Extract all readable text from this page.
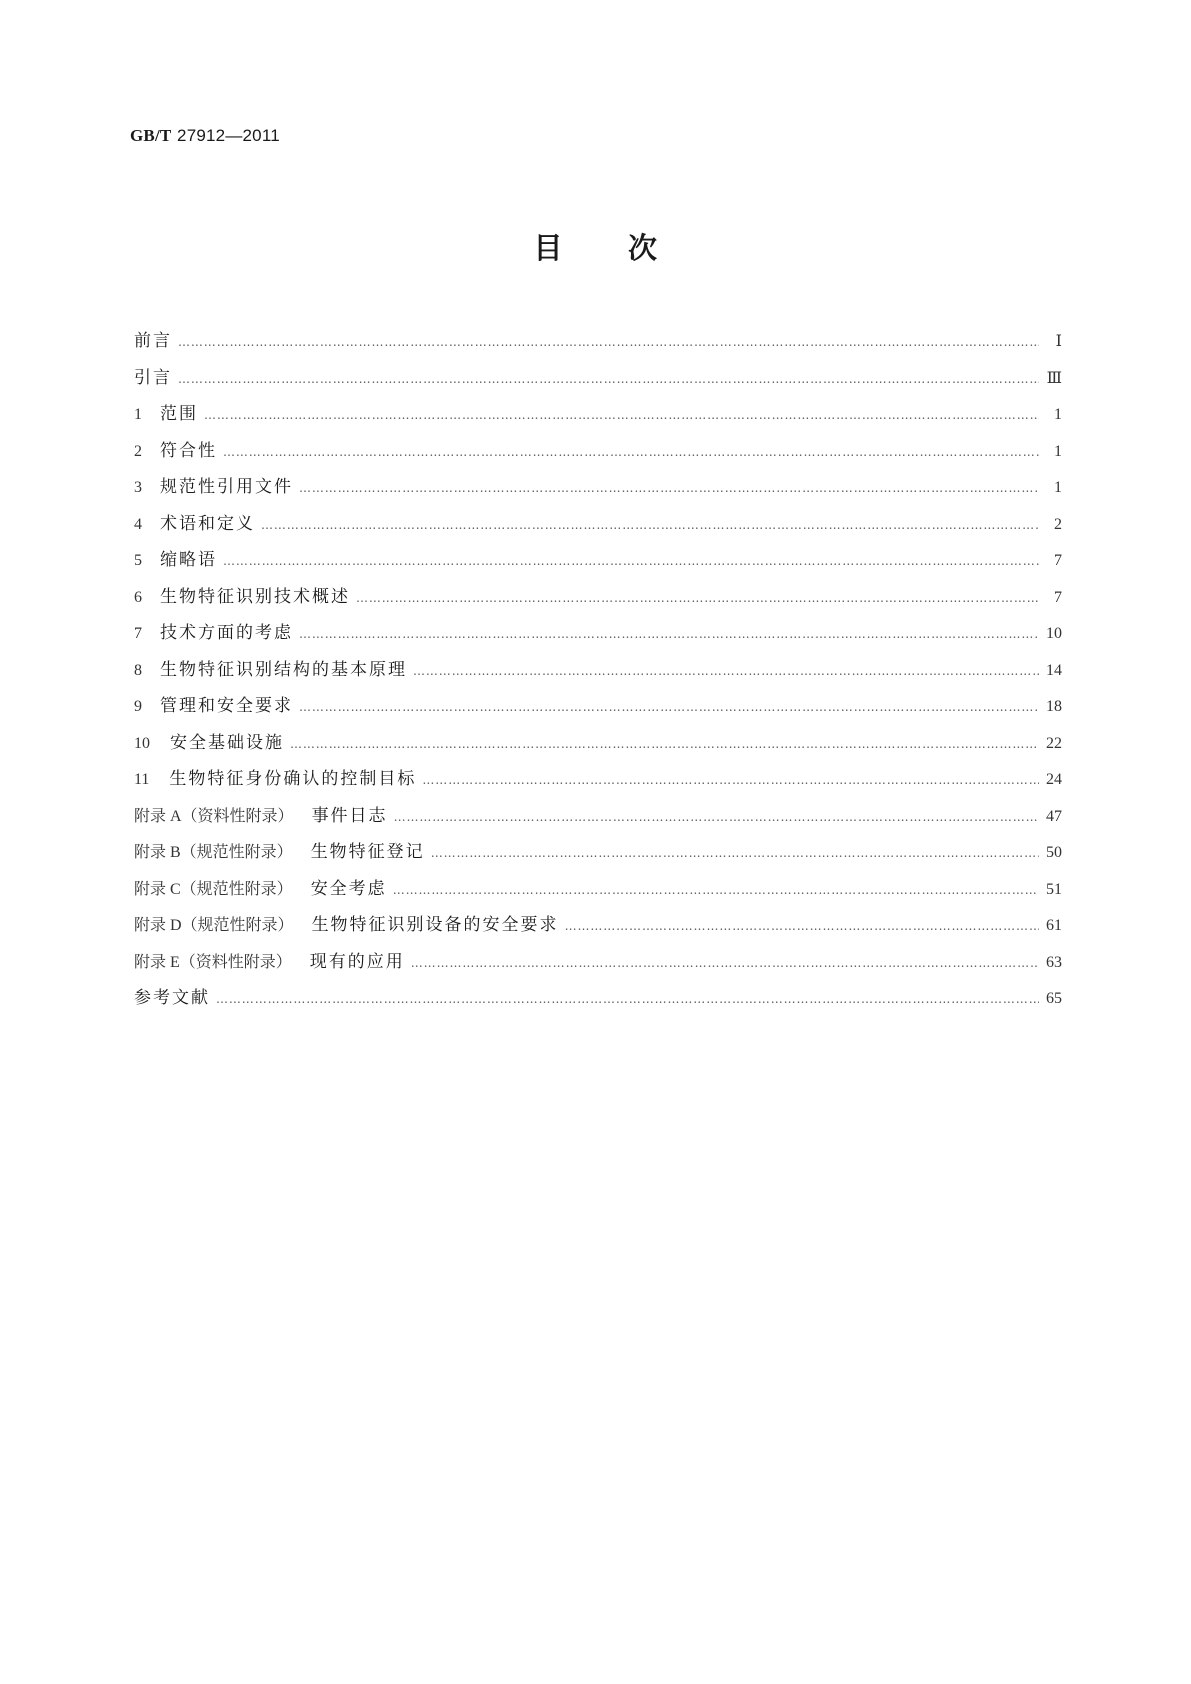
GB/T 27912—2011
目 次
前言 ……………………………………………………………………………………………………………………………………………………………………………………………………	Ⅰ
引言 ……………………………………………………………………………………………………………………………………………………………………………………………………	Ⅲ
1 范围 ……………………………………………………………………………………………………………………………………………………………………………………………………	1
2 符合性 ……………………………………………………………………………………………………………………………………………………………………………………………………	1
3 规范性引用文件 ……………………………………………………………………………………………………………………………………………………………………………………………………	1
4 术语和定义 ……………………………………………………………………………………………………………………………………………………………………………………………………	2
5 缩略语 ……………………………………………………………………………………………………………………………………………………………………………………………………	7
6 生物特征识别技术概述 ……………………………………………………………………………………………………………………………………………………………………………………………………	7
7 技术方面的考虑 ……………………………………………………………………………………………………………………………………………………………………………………………………	10
8 生物特征识别结构的基本原理 ……………………………………………………………………………………………………………………………………………………………………………………………………	14
9 管理和安全要求 ……………………………………………………………………………………………………………………………………………………………………………………………………	18
10 安全基础设施 ……………………………………………………………………………………………………………………………………………………………………………………………………	22
11 生物特征身份确认的控制目标 ……………………………………………………………………………………………………………………………………………………………………………………………………	24
附录 A（资料性附录） 事件日志 ……………………………………………………………………………………………………………………………………………………………………………………………………	47
附录 B（规范性附录） 生物特征登记 ……………………………………………………………………………………………………………………………………………………………………………………………………	50
附录 C（规范性附录） 安全考虑 ……………………………………………………………………………………………………………………………………………………………………………………………………	51
附录 D（规范性附录） 生物特征识别设备的安全要求 ……………………………………………………………………………………………………………………………………………………………………………………………………	61
附录 E（资料性附录） 现有的应用 ……………………………………………………………………………………………………………………………………………………………………………………………………	63
参考文献 ……………………………………………………………………………………………………………………………………………………………………………………………………	65
